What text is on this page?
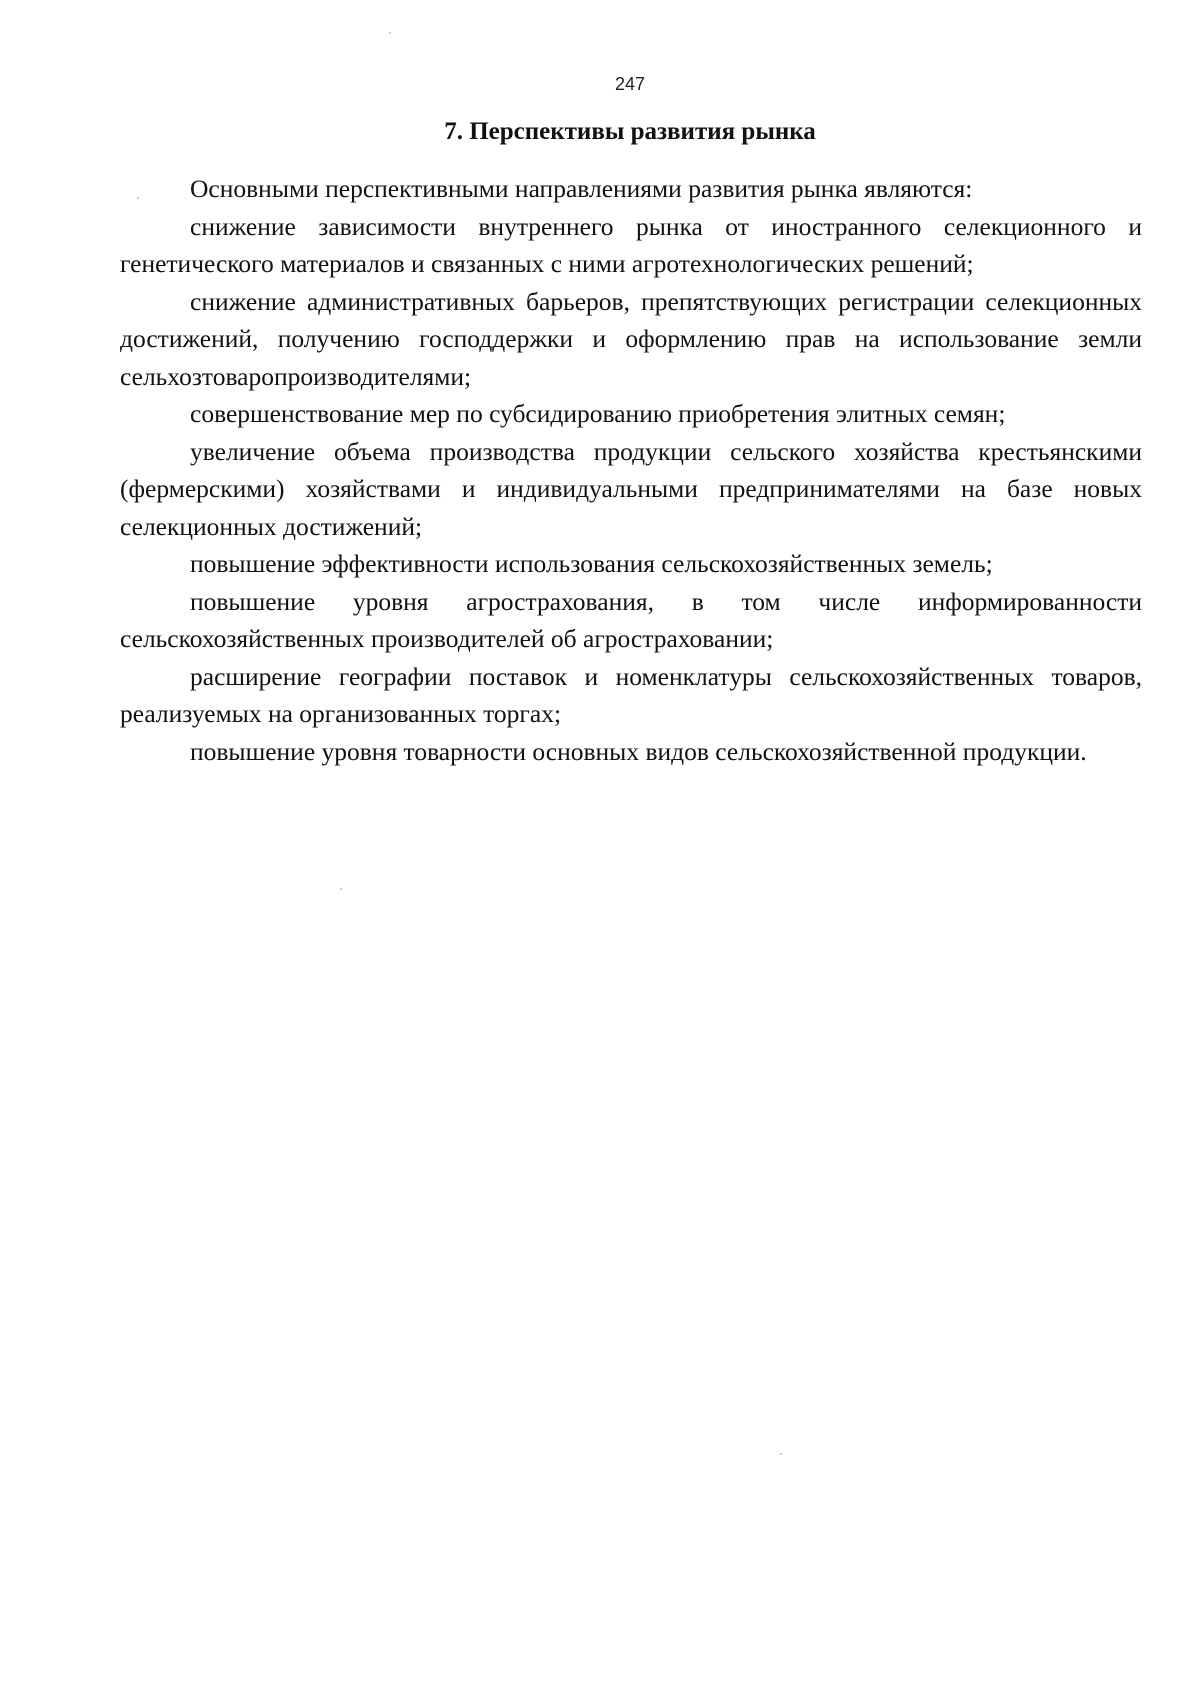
247
7. Перспективы развития рынка

Основными перспективными направлениями развития рынка являются:

снижение зависимости внутреннего рынка от иностранного селекционного и генетического материалов и связанных с ними агротехнологических решений;

снижение административных барьеров, препятствующих регистрации селекционных достижений, получению господдержки и оформлению прав на использование земли сельхозтоваропроизводителями;

совершенствование мер по субсидированию приобретения элитных семян;

увеличение объема производства продукции сельского хозяйства крестьянскими (фермерскими) хозяйствами и индивидуальными предпринимателями на базе новых селекционных достижений;

повышение эффективности использования сельскохозяйственных земель;

повышение уровня агрострахования, в том числе информированности сельскохозяйственных производителей об агростраховании;

расширение географии поставок и номенклатуры сельскохозяйственных товаров, реализуемых на организованных торгах;

повышение уровня товарности основных видов сельскохозяйственной продукции.
